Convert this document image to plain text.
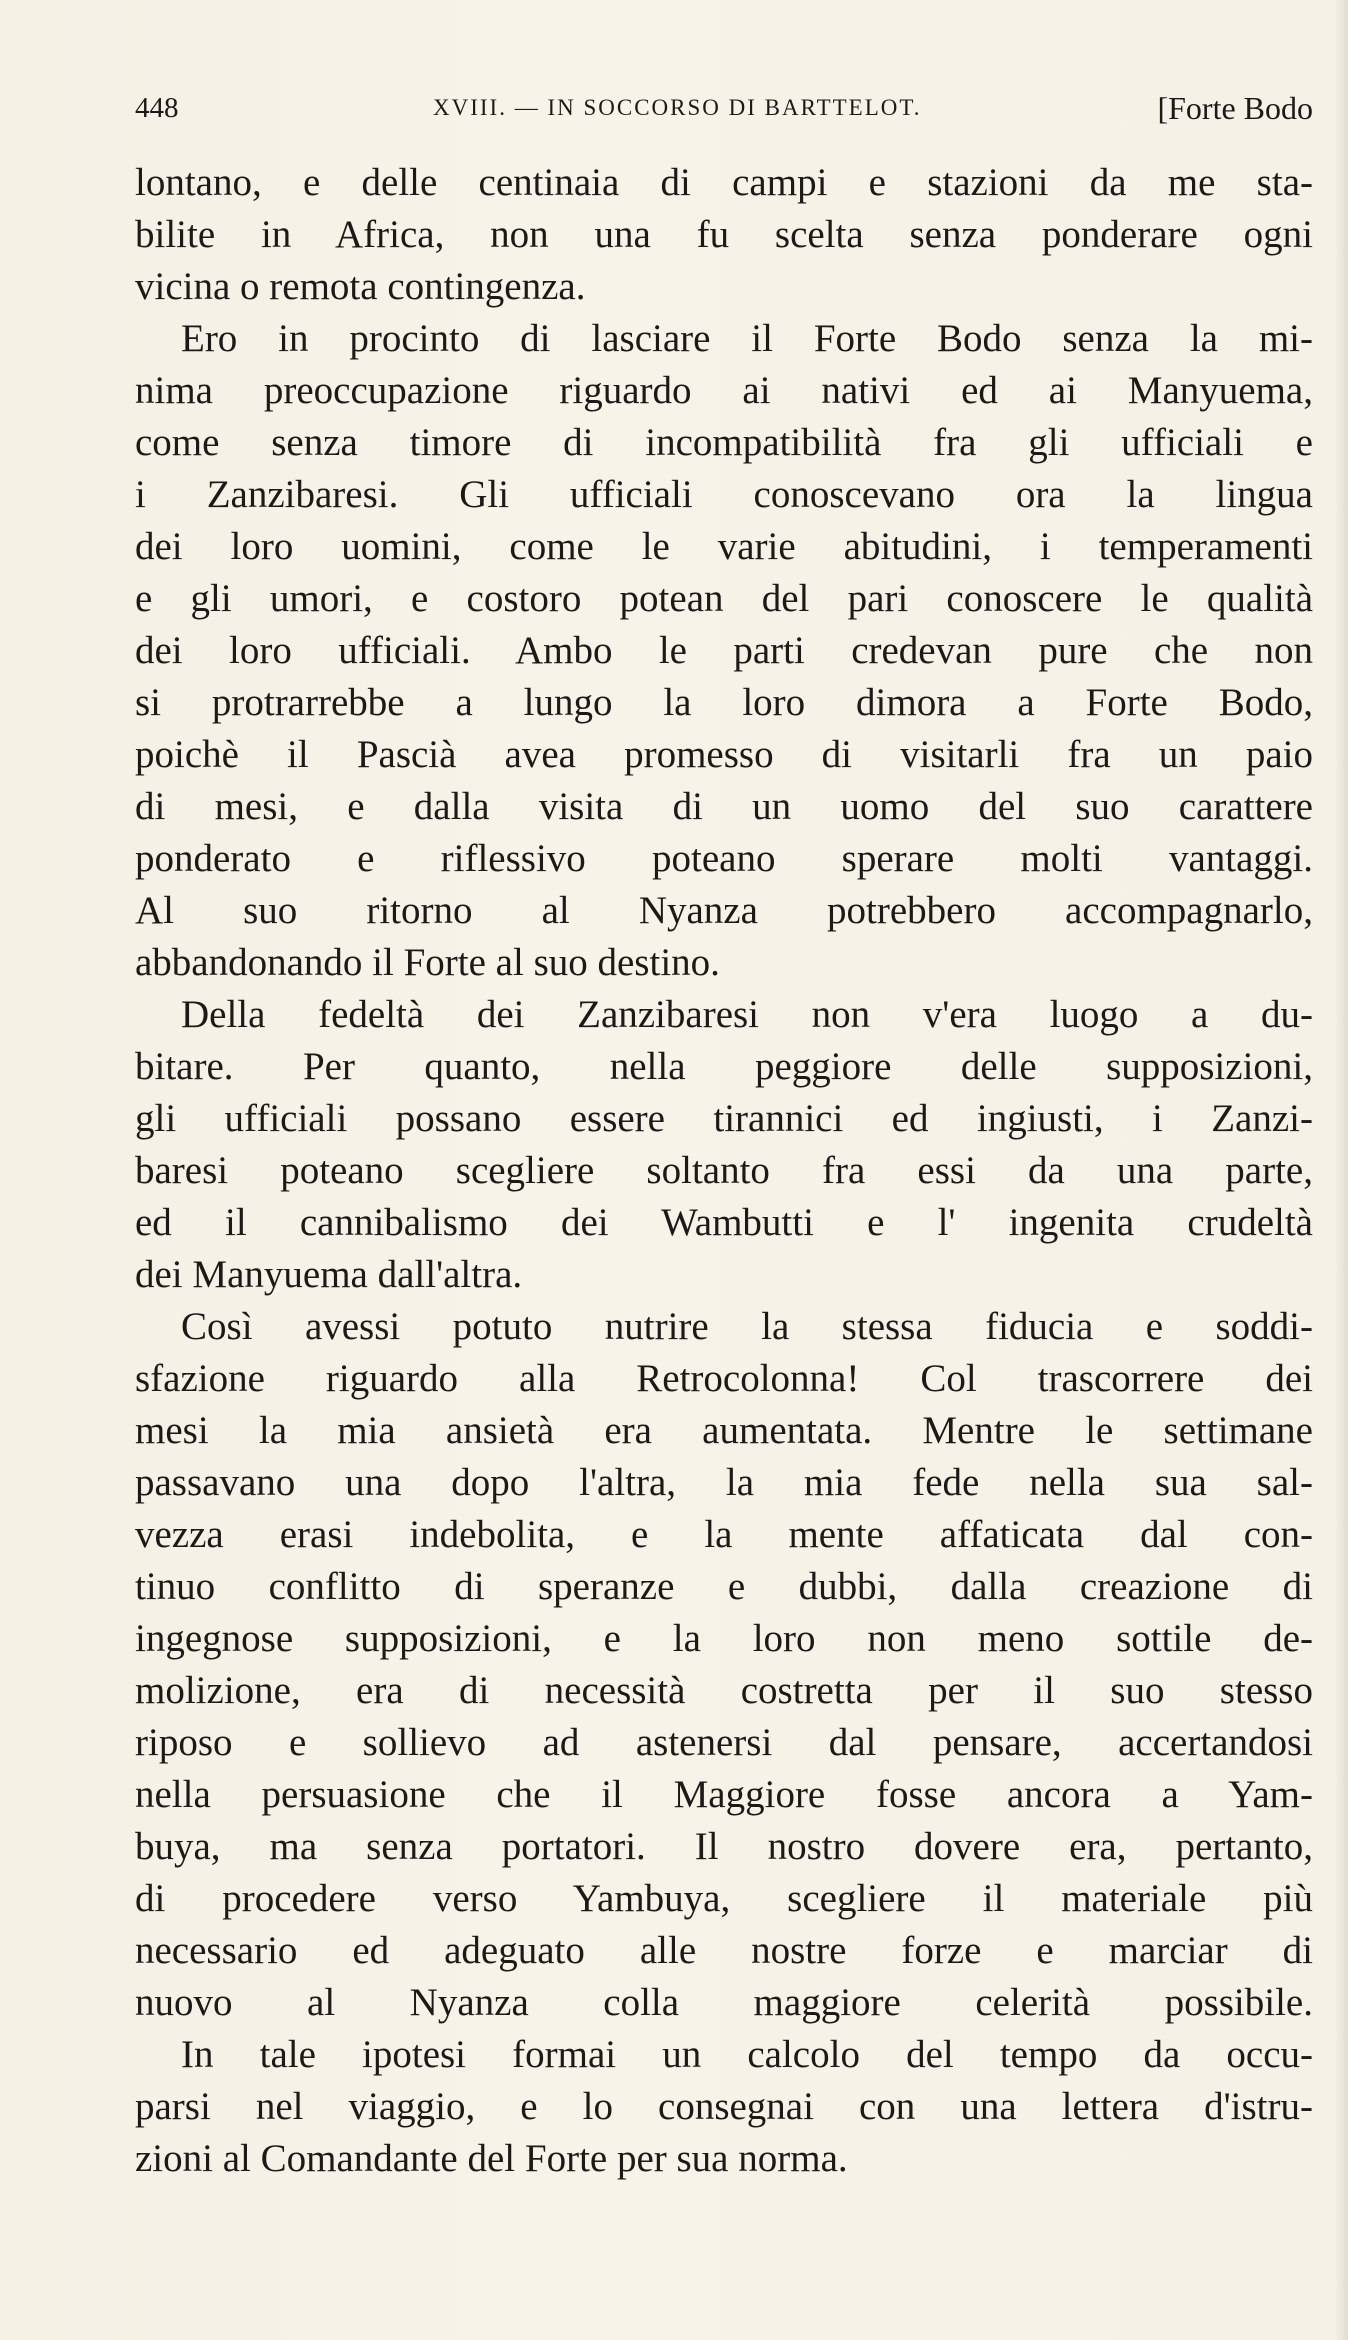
448	XVIII. — IN SOCCORSO DI BARTTELOT.	[Forte Bodo
lontano, e delle centinaia di campi e stazioni da me sta-
bilite in Africa, non una fu scelta senza ponderare ogni
vicina o remota contingenza.
Ero in procinto di lasciare il Forte Bodo senza la mi-
nima preoccupazione riguardo ai nativi ed ai Manyuema,
come senza timore di incompatibilità fra gli ufficiali e
i Zanzibaresi. Gli ufficiali conoscevano ora la lingua
dei loro uomini, come le varie abitudini, i temperamenti
e gli umori, e costoro potean del pari conoscere le qualità
dei loro ufficiali. Ambo le parti credevan pure che non
si protrarrebbe a lungo la loro dimora a Forte Bodo,
poichè il Pascià avea promesso di visitarli fra un paio
di mesi, e dalla visita di un uomo del suo carattere
ponderato e riflessivo poteano sperare molti vantaggi.
Al suo ritorno al Nyanza potrebbero accompagnarlo,
abbandonando il Forte al suo destino.
Della fedeltà dei Zanzibaresi non v'era luogo a du-
bitare. Per quanto, nella peggiore delle supposizioni,
gli ufficiali possano essere tirannici ed ingiusti, i Zanzi-
baresi poteano scegliere soltanto fra essi da una parte,
ed il cannibalismo dei Wambutti e l' ingenita crudeltà
dei Manyuema dall'altra.
Così avessi potuto nutrire la stessa fiducia e soddi-
sfazione riguardo alla Retrocolonna! Col trascorrere dei
mesi la mia ansietà era aumentata. Mentre le settimane
passavano una dopo l'altra, la mia fede nella sua sal-
vezza erasi indebolita, e la mente affaticata dal con-
tinuo conflitto di speranze e dubbi, dalla creazione di
ingegnose supposizioni, e la loro non meno sottile de-
molizione, era di necessità costretta per il suo stesso
riposo e sollievo ad astenersi dal pensare, accertandosi
nella persuasione che il Maggiore fosse ancora a Yam-
buya, ma senza portatori. Il nostro dovere era, pertanto,
di procedere verso Yambuya, scegliere il materiale più
necessario ed adeguato alle nostre forze e marciar di
nuovo al Nyanza colla maggiore celerità possibile.
In tale ipotesi formai un calcolo del tempo da occu-
parsi nel viaggio, e lo consegnai con una lettera d'istru-
zioni al Comandante del Forte per sua norma.
